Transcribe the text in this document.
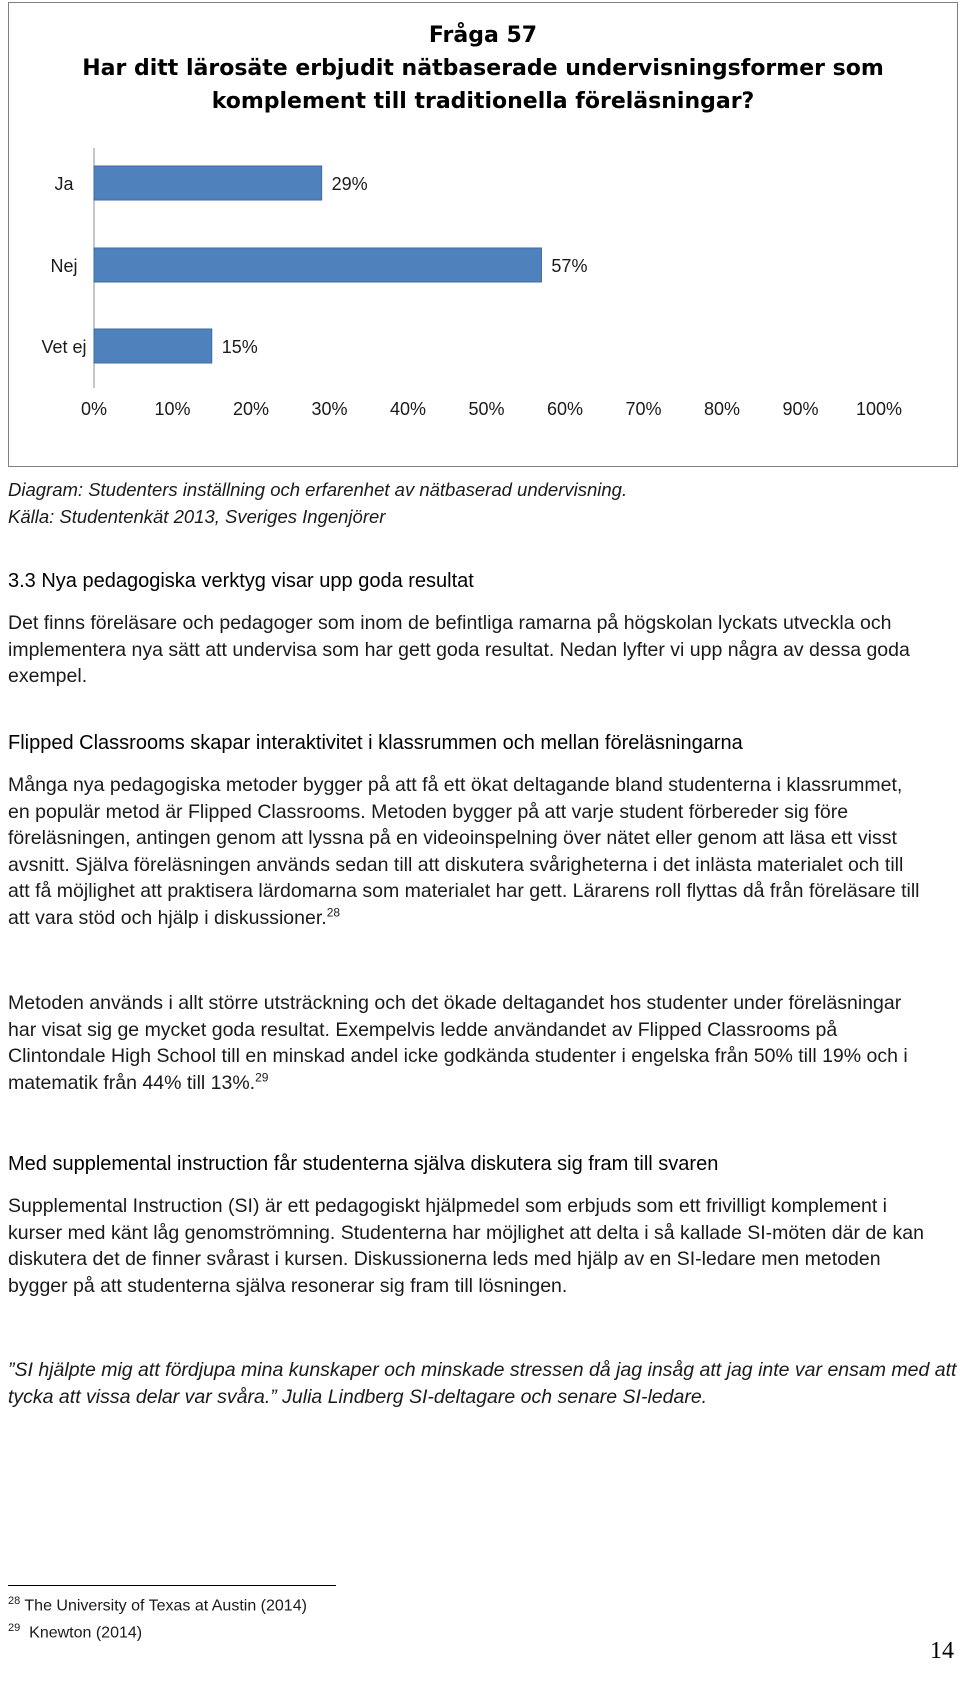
Fråga 57
Har ditt lärosäte erbjudit nätbaserade undervisningsformer som
komplement till traditionella föreläsningar?
Ja	29%
Nej	57%
Vet ej	15%
0%	10% 20% 30% 40% 50% 60% 70% 80% 90% 100%
Diagram: Studenters inställning och erfarenhet av nätbaserad undervisning.
Källa: Studentenkät 2013, Sveriges Ingenjörer
3.3 Nya pedagogiska verktyg visar upp goda resultat
Det finns föreläsare och pedagoger som inom de befintliga ramarna på högskolan lyckats utveckla och implementera nya sätt att undervisa som har gett goda resultat. Nedan lyfter vi upp några av dessa goda exempel.
Flipped Classrooms skapar interaktivitet i klassrummen och mellan föreläsningarna
Många nya pedagogiska metoder bygger på att få ett ökat deltagande bland studenterna i klassrummet, en populär metod är Flipped Classrooms. Metoden bygger på att varje student förbereder sig före föreläsningen, antingen genom att lyssna på en videoinspelning över nätet eller genom att läsa ett visst avsnitt. Själva föreläsningen används sedan till att diskutera svårigheterna i det inlästa materialet och till att få möjlighet att praktisera lärdomarna som materialet har gett. Lärarens roll flyttas då från föreläsare till att vara stöd och hjälp i diskussioner.$^{28}$
Metoden används i allt större utsträckning och det ökade deltagandet hos studenter under föreläsningar har visat sig ge mycket goda resultat. Exempelvis ledde användandet av Flipped Classrooms på Clintondale High School till en minskad andel icke godkända studenter i engelska från 50% till 19% och i matematik från 44% till 13%.$^{29}$
Med supplemental instruction får studenterna själva diskutera sig fram till svaren
Supplemental Instruction (SI) är ett pedagogiskt hjälpmedel som erbjuds som ett frivilligt komplement i kurser med känt låg genomströmning. Studenterna har möjlighet att delta i så kallade SI-möten där de kan diskutera det de finner svårast i kursen. Diskussionerna leds med hjälp av en SI-ledare men metoden bygger på att studenterna själva resonerar sig fram till lösningen.
”SI hjälpte mig att fördjupa mina kunskaper och minskade stressen då jag insåg att jag inte var ensam med att tycka att vissa delar var svåra.” Julia Lindberg SI-deltagare och senare SI-ledare.
$^{28}$ The University of Texas at Austin (2014)
$^{29}$ Knewton (2014)
14
